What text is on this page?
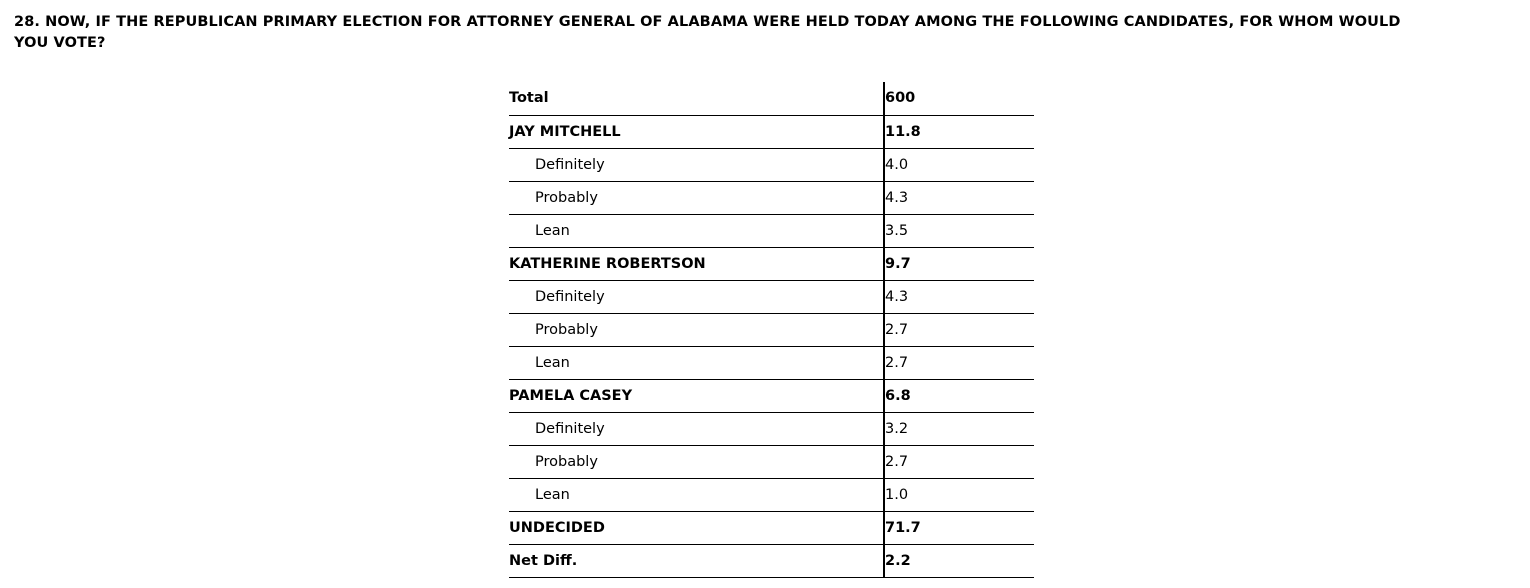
28. NOW, IF THE REPUBLICAN PRIMARY ELECTION FOR ATTORNEY GENERAL OF ALABAMA WERE HELD TODAY AMONG THE FOLLOWING CANDIDATES, FOR WHOM WOULD YOU VOTE?
Total	600
JAY MITCHELL	11.8
Definitely	4.0
Probably	4.3
Lean	3.5
KATHERINE ROBERTSON	9.7
Definitely	4.3
Probably	2.7
Lean	2.7
PAMELA CASEY	6.8
Definitely	3.2
Probably	2.7
Lean	1.0
UNDECIDED	71.7
Net Diff.	2.2
